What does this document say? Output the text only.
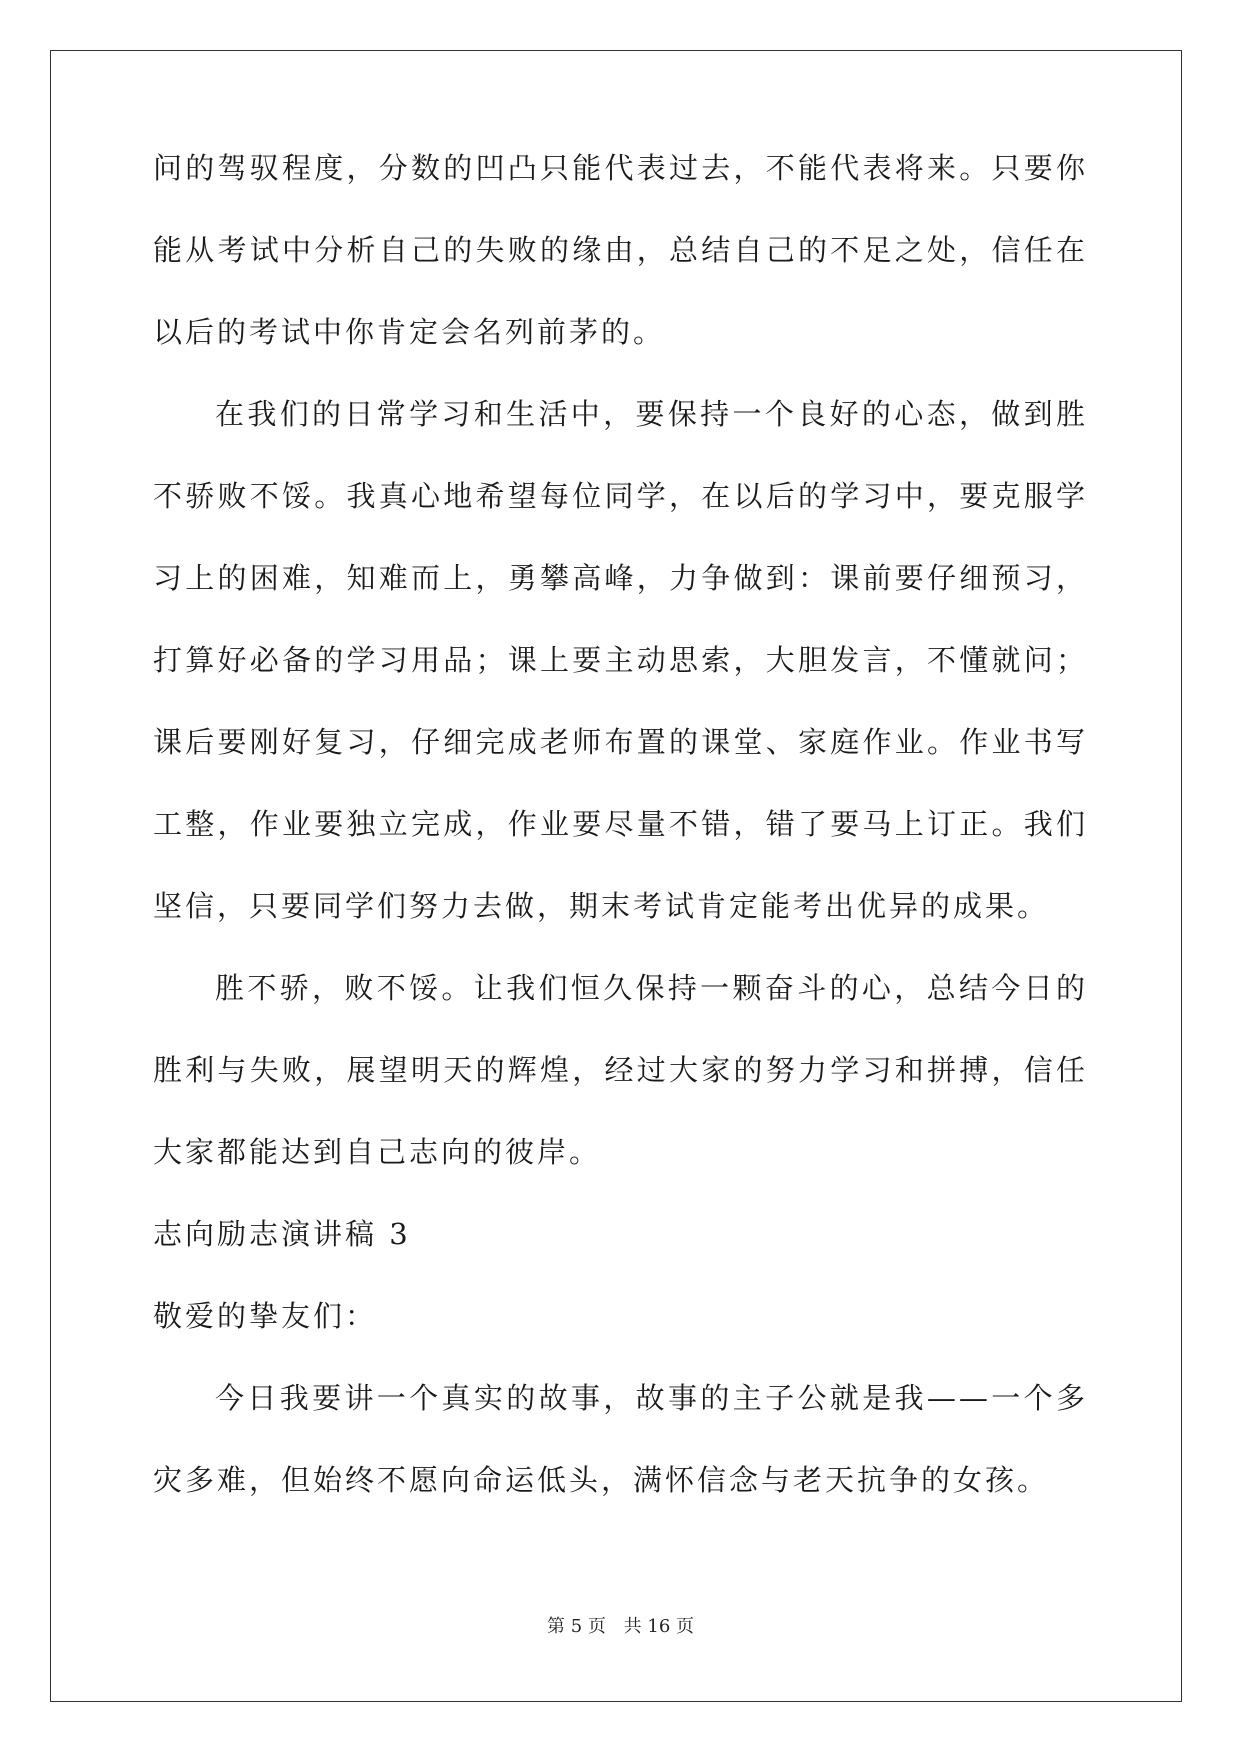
问的驾驭程度，分数的凹凸只能代表过去，不能代表将来。只要你能从考试中分析自己的失败的缘由，总结自己的不足之处，信任在以后的考试中你肯定会名列前茅的。

在我们的日常学习和生活中，要保持一个良好的心态，做到胜不骄败不馁。我真心地希望每位同学，在以后的学习中，要克服学习上的困难，知难而上，勇攀高峰，力争做到：课前要仔细预习，打算好必备的学习用品；课上要主动思索，大胆发言，不懂就问；课后要刚好复习，仔细完成老师布置的课堂、家庭作业。作业书写工整，作业要独立完成，作业要尽量不错，错了要马上订正。我们坚信，只要同学们努力去做，期末考试肯定能考出优异的成果。

胜不骄，败不馁。让我们恒久保持一颗奋斗的心，总结今日的胜利与失败，展望明天的辉煌，经过大家的努力学习和拼搏，信任大家都能达到自己志向的彼岸。

志向励志演讲稿 3

敬爱的挚友们：

今日我要讲一个真实的故事，故事的主子公就是我——一个多灾多难，但始终不愿向命运低头，满怀信念与老天抗争的女孩。

第 5 页 共 16 页
